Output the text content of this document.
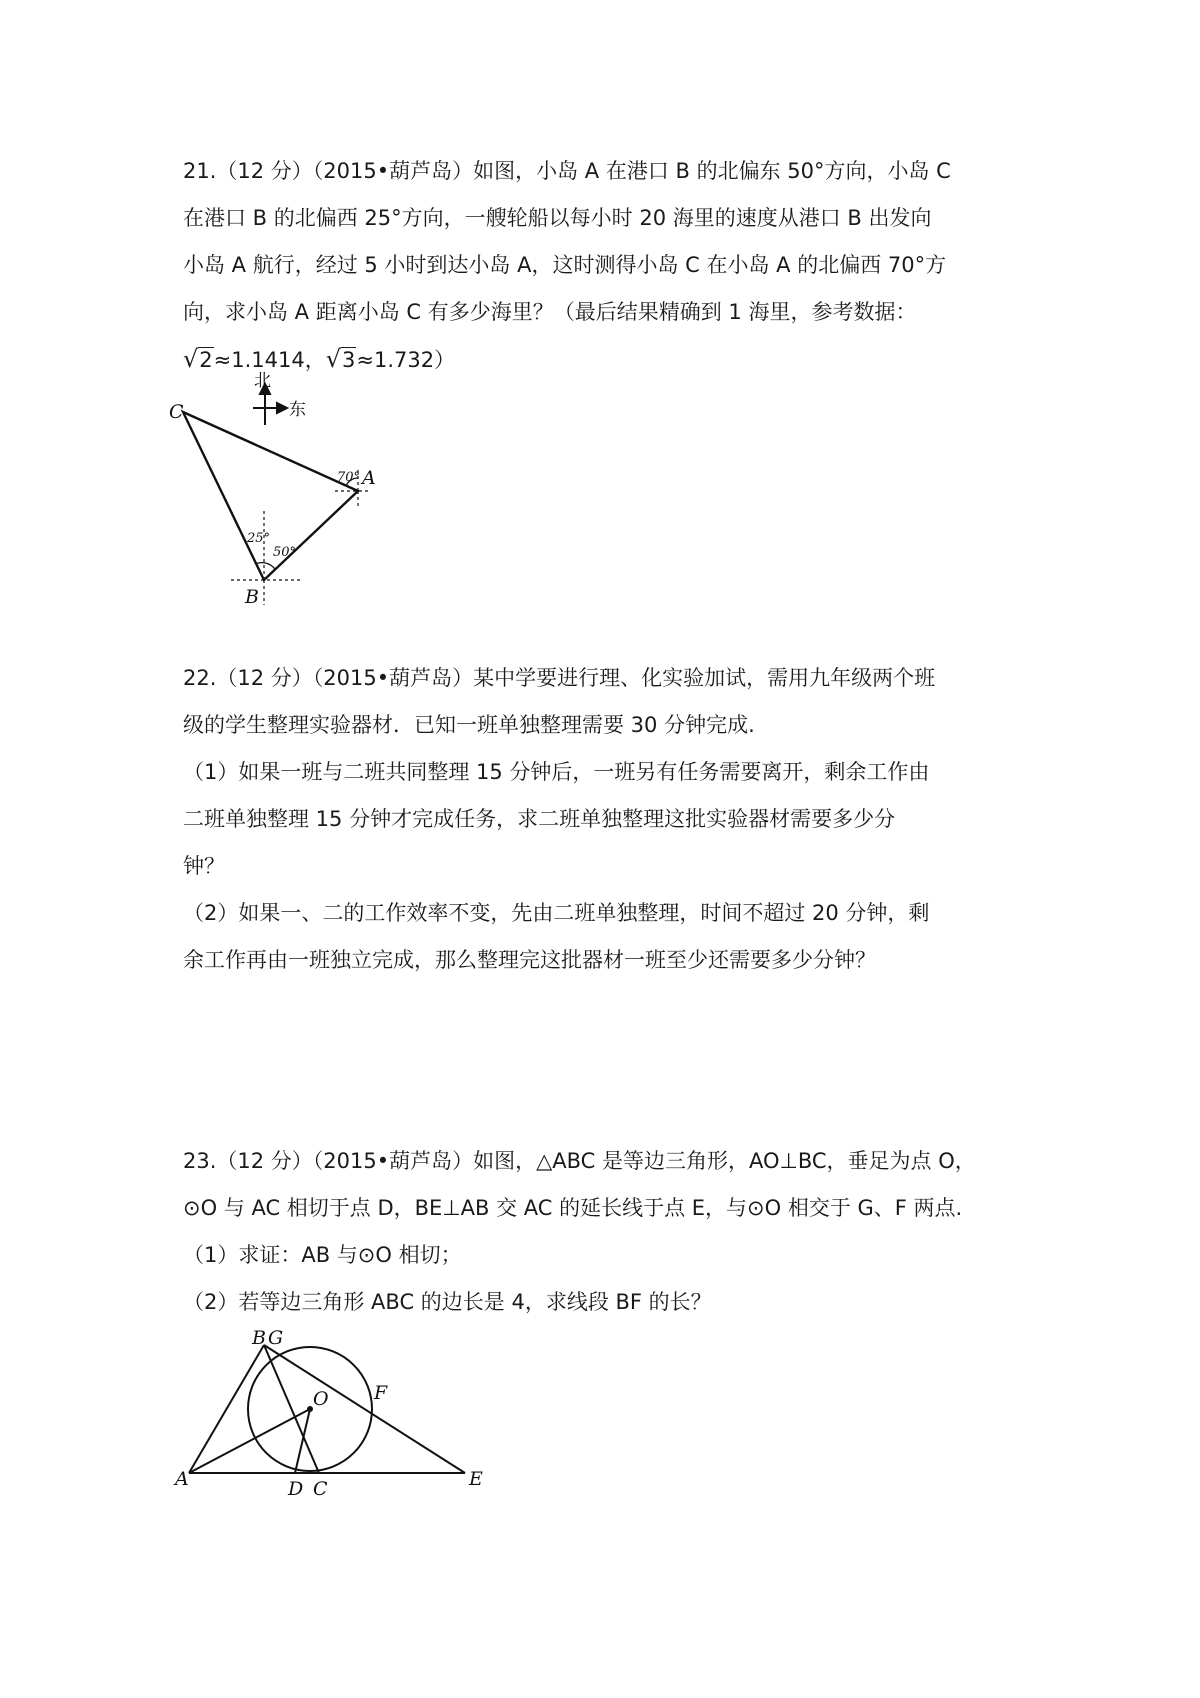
21.（12 分）（2015•葫芦岛）如图，小岛 A 在港口 B 的北偏东 50°方向，小岛 C

在港口 B 的北偏西 25°方向，一艘轮船以每小时 20 海里的速度从港口 B 出发向

小岛 A 航行，经过 5 小时到达小岛 A，这时测得小岛 C 在小岛 A 的北偏西 70°方

向，求小岛 A 距离小岛 C 有多少海里？（最后结果精确到 1 海里，参考数据：

√2≈1.1414，√3≈1.732）

北
东
C
A
B
70°
25°
50°

22.（12 分）（2015•葫芦岛）某中学要进行理、化实验加试，需用九年级两个班

级的学生整理实验器材．已知一班单独整理需要 30 分钟完成.

（1）如果一班与二班共同整理 15 分钟后，一班另有任务需要离开，剩余工作由

二班单独整理 15 分钟才完成任务，求二班单独整理这批实验器材需要多少分

钟？

（2）如果一、二的工作效率不变，先由二班单独整理，时间不超过 20 分钟，剩

余工作再由一班独立完成，那么整理完这批器材一班至少还需要多少分钟？

23.（12 分）（2015•葫芦岛）如图，△ABC 是等边三角形，AO⊥BC，垂足为点 O，

⊙O 与 AC 相切于点 D，BE⊥AB 交 AC 的延长线于点 E，与⊙O 相交于 G、F 两点.

（1）求证：AB 与⊙O 相切；

（2）若等边三角形 ABC 的边长是 4，求线段 BF 的长？

B G
F
O
A	D C	E
